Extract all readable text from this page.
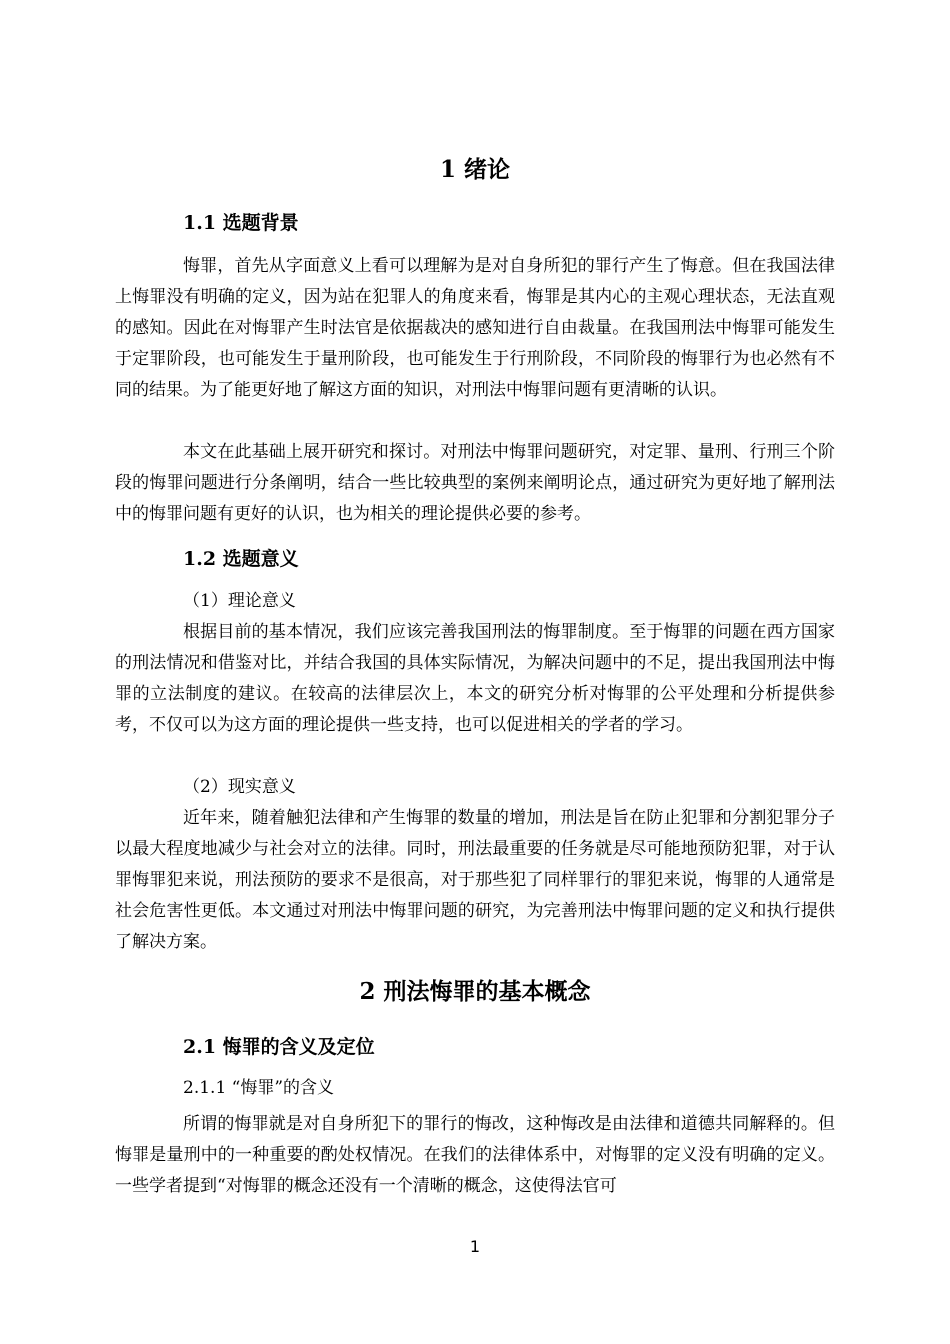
1 绪论
1.1 选题背景

悔罪，首先从字面意义上看可以理解为是对自身所犯的罪行产生了悔意。但在我国法律上悔罪没有明确的定义，因为站在犯罪人的角度来看，悔罪是其内心的主观心理状态，无法直观的感知。因此在对悔罪产生时法官是依据裁决的感知进行自由裁量。在我国刑法中悔罪可能发生于定罪阶段，也可能发生于量刑阶段，也可能发生于行刑阶段，不同阶段的悔罪行为也必然有不同的结果。为了能更好地了解这方面的知识，对刑法中悔罪问题有更清晰的认识。

本文在此基础上展开研究和探讨。对刑法中悔罪问题研究，对定罪、量刑、行刑三个阶段的悔罪问题进行分条阐明，结合一些比较典型的案例来阐明论点，通过研究为更好地了解刑法中的悔罪问题有更好的认识，也为相关的理论提供必要的参考。

1.2 选题意义
（1）理论意义

根据目前的基本情况，我们应该完善我国刑法的悔罪制度。至于悔罪的问题在西方国家的刑法情况和借鉴对比，并结合我国的具体实际情况，为解决问题中的不足，提出我国刑法中悔罪的立法制度的建议。在较高的法律层次上，本文的研究分析对悔罪的公平处理和分析提供参考，不仅可以为这方面的理论提供一些支持，也可以促进相关的学者的学习。

（2）现实意义

近年来，随着触犯法律和产生悔罪的数量的增加，刑法是旨在防止犯罪和分割犯罪分子以最大程度地减少与社会对立的法律。同时，刑法最重要的任务就是尽可能地预防犯罪，对于认罪悔罪犯来说，刑法预防的要求不是很高，对于那些犯了同样罪行的罪犯来说，悔罪的人通常是社会危害性更低。本文通过对刑法中悔罪问题的研究，为完善刑法中悔罪问题的定义和执行提供了解决方案。

2 刑法悔罪的基本概念
2.1 悔罪的含义及定位
2.1.1 “悔罪”的含义

所谓的悔罪就是对自身所犯下的罪行的悔改，这种悔改是由法律和道德共同解释的。但悔罪是量刑中的一种重要的酌处权情况。在我们的法律体系中，对悔罪的定义没有明确的定义。一些学者提到“对悔罪的概念还没有一个清晰的概念，这使得法官可

1
